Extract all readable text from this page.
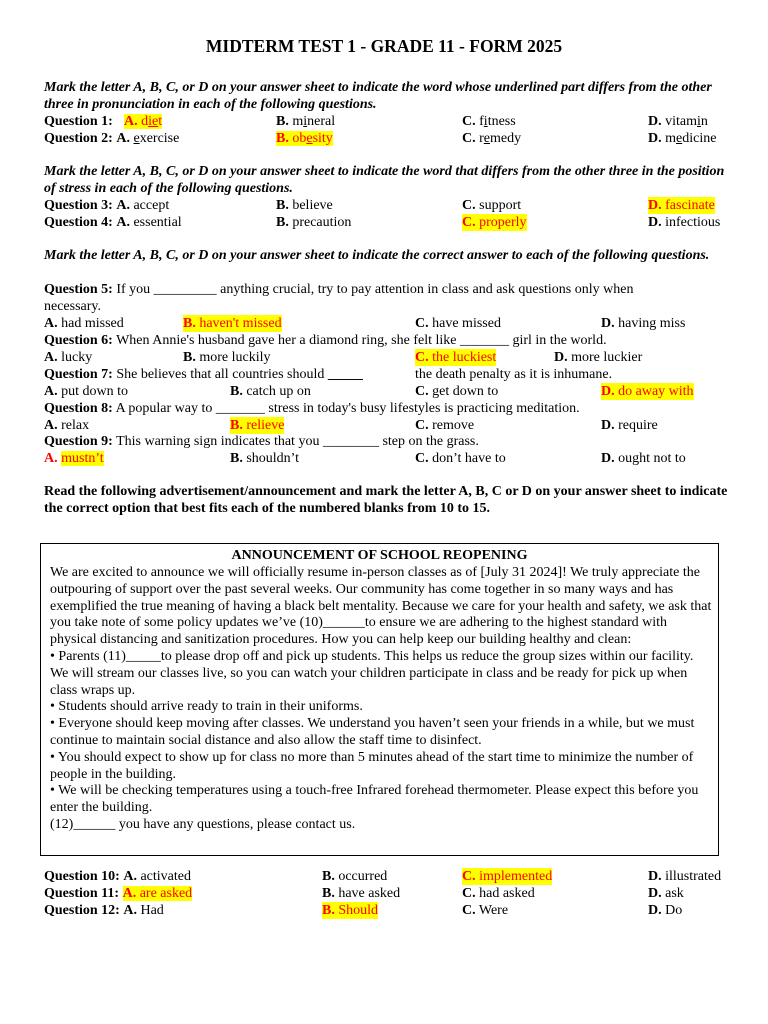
MIDTERM TEST 1 - GRADE 11 - FORM 2025
Mark the letter A, B, C, or D on your answer sheet to indicate the word whose underlined part differs from the other three in pronunciation in each of the following questions.
Question 1: A. diet	B. mineral	C. fitness	D. vitamin
Question 2: A. exercise	B. obesity	C. remedy	D. medicine
Mark the letter A, B, C, or D on your answer sheet to indicate the word that differs from the other three in the position of stress in each of the following questions.
Question 3: A. accept	B. believe	C. support	D. fascinate
Question 4: A. essential	B. precaution	C. properly	D. infectious
Mark the letter A, B, C, or D on your answer sheet to indicate the correct answer to each of the following questions.
Question 5: If you _________ anything crucial, try to pay attention in class and ask questions only when
necessary.
A. had missed	B. haven't missed	C. have missed	D. having miss
Question 6: When Annie's husband gave her a diamond ring, she felt like _______ girl in the world.
A. lucky	B. more luckily	C. the luckiest	D. more luckier
Question 7: She believes that all countries should _____	the death penalty as it is inhumane.
A. put down to	B. catch up on	C. get down to	D. do away with
Question 8: A popular way to _______ stress in today's busy lifestyles is practicing meditation.
A. relax	B. relieve	C. remove	D. require
Question 9: This warning sign indicates that you ________ step on the grass.
A. mustn’t	B. shouldn’t	C. don’t have to	D. ought not to
Read the following advertisement/announcement and mark the letter A, B, C or D on your answer sheet to indicate the correct option that best fits each of the numbered blanks from 10 to 15.
ANNOUNCEMENT OF SCHOOL REOPENING

We are excited to announce we will officially resume in-person classes as of [July 31 2024]! We truly appreciate the outpouring of support over the past several weeks. Our community has come together in so many ways and has exemplified the true meaning of having a black belt mentality. Because we care for your health and safety, we ask that you take note of some policy updates we’ve (10)______to ensure we are adhering to the highest standard with physical distancing and sanitization procedures. How you can help keep our building healthy and clean:

• Parents (11)_____to please drop off and pick up students. This helps us reduce the group sizes within our facility. We will stream our classes live, so you can watch your children participate in class and be ready for pick up when class wraps up.

• Students should arrive ready to train in their uniforms.

• Everyone should keep moving after classes. We understand you haven’t seen your friends in a while, but we must continue to maintain social distance and also allow the staff time to disinfect.

• You should expect to show up for class no more than 5 minutes ahead of the start time to minimize the number of people in the building.

• We will be checking temperatures using a touch-free Infrared forehead thermometer. Please expect this before you enter the building.

(12)______ you have any questions, please contact us.

Question 10: A. activated	B. occurred	C. implemented	D. illustrated
Question 11: A. are asked	B. have asked	C. had asked	D. ask
Question 12: A. Had	B. Should	C. Were	D. Do
